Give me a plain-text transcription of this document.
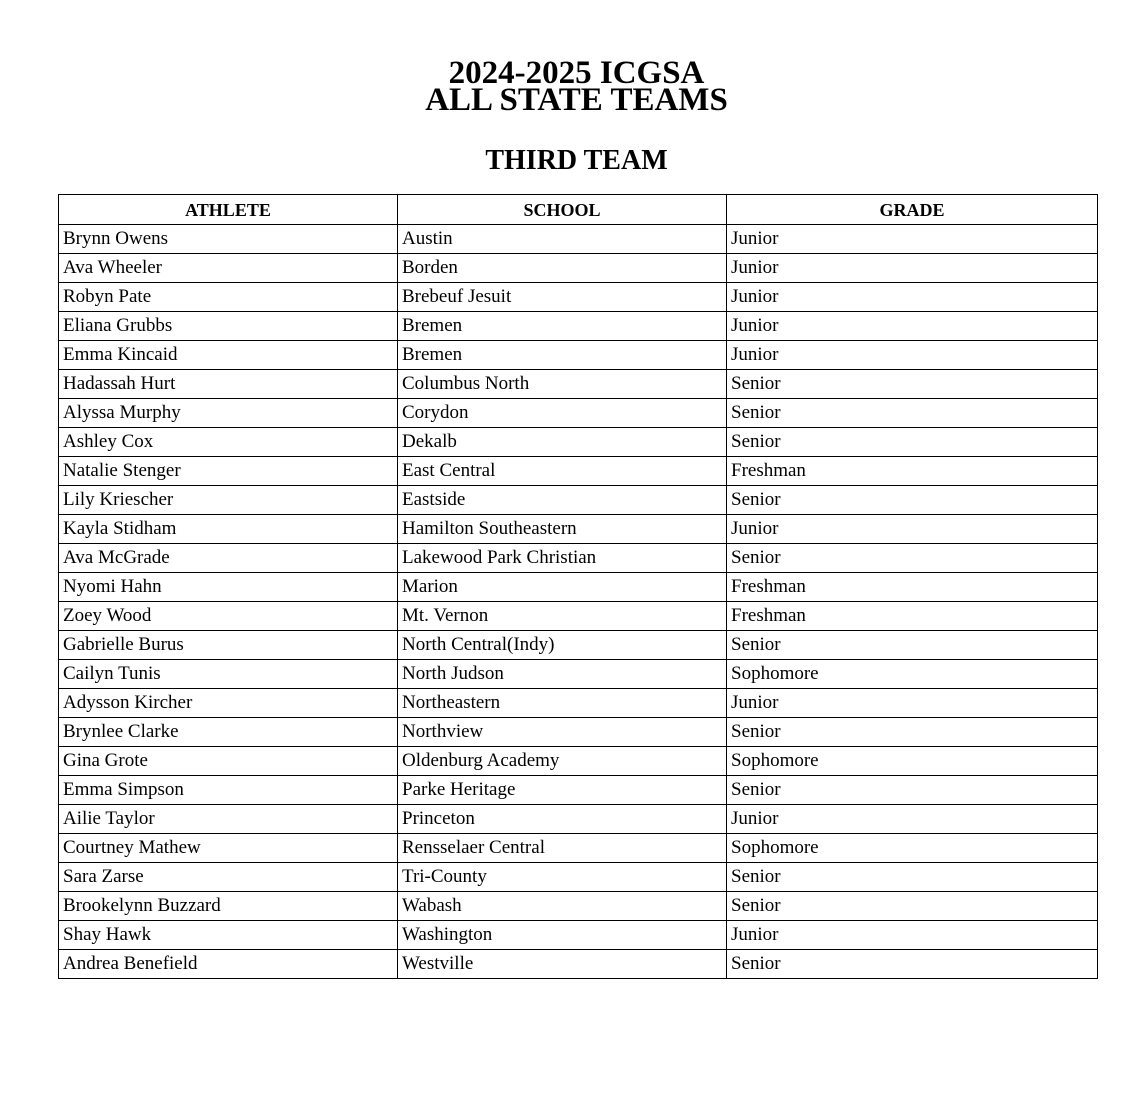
2024-2025 ICGSA

ALL STATE TEAMS

THIRD TEAM
ATHLETE	SCHOOL	GRADE
Brynn Owens	Austin	Junior
Ava Wheeler	Borden	Junior
Robyn Pate	Brebeuf Jesuit	Junior
Eliana Grubbs	Bremen	Junior
Emma Kincaid	Bremen	Junior
Hadassah Hurt	Columbus North	Senior
Alyssa Murphy	Corydon	Senior
Ashley Cox	Dekalb	Senior
Natalie Stenger	East Central	Freshman
Lily Kriescher	Eastside	Senior
Kayla Stidham	Hamilton Southeastern	Junior
Ava McGrade	Lakewood Park Christian	Senior
Nyomi Hahn	Marion	Freshman
Zoey Wood	Mt. Vernon	Freshman
Gabrielle Burus	North Central(Indy)	Senior
Cailyn Tunis	North Judson	Sophomore
Adysson Kircher	Northeastern	Junior
Brynlee Clarke	Northview	Senior
Gina Grote	Oldenburg Academy	Sophomore
Emma Simpson	Parke Heritage	Senior
Ailie Taylor	Princeton	Junior
Courtney Mathew	Rensselaer Central	Sophomore
Sara Zarse	Tri-County	Senior
Brookelynn Buzzard	Wabash	Senior
Shay Hawk	Washington	Junior
Andrea Benefield	Westville	Senior
